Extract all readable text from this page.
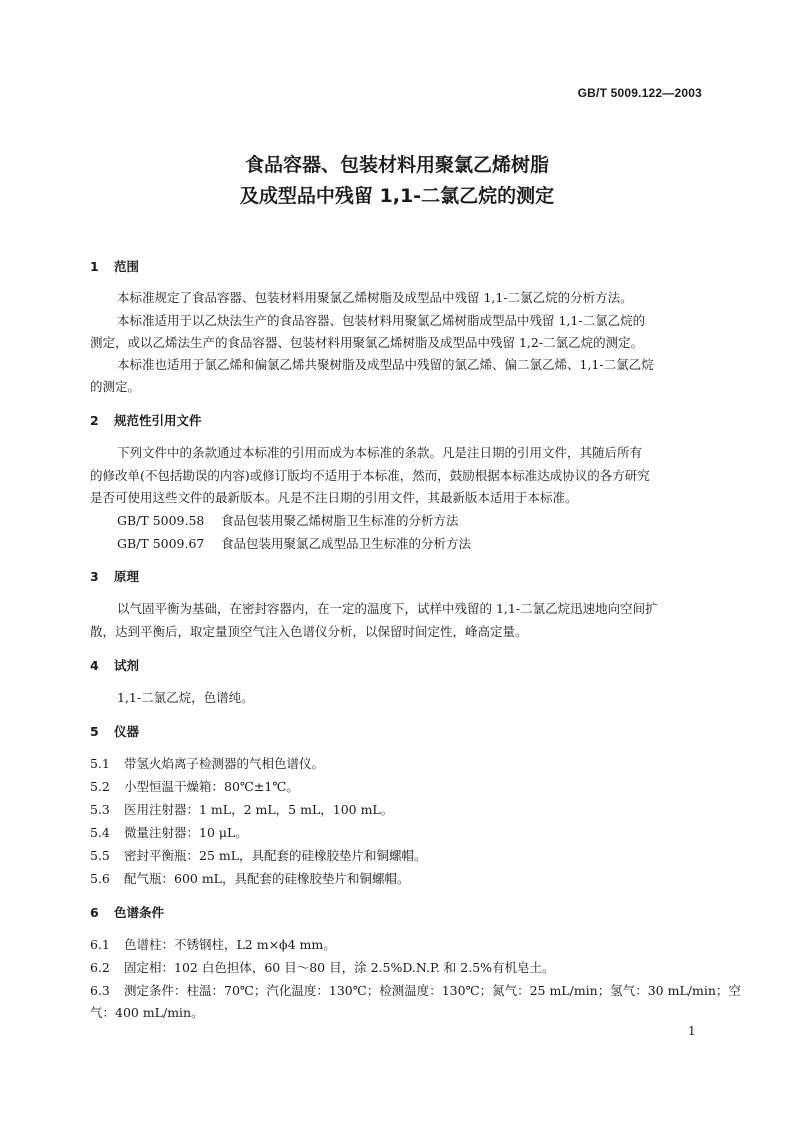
GB/T 5009.122—2003
食品容器、包装材料用聚氯乙烯树脂
及成型品中残留 1,1-二氯乙烷的测定
1 范围
本标准规定了食品容器、包装材料用聚氯乙烯树脂及成型品中残留 1,1-二氯乙烷的分析方法。
本标准适用于以乙炔法生产的食品容器、包装材料用聚氯乙烯树脂成型品中残留 1,1-二氯乙烷的
测定，或以乙烯法生产的食品容器、包装材料用聚氯乙烯树脂及成型品中残留 1,2-二氯乙烷的测定。
本标准也适用于氯乙烯和偏氯乙烯共聚树脂及成型品中残留的氯乙烯、偏二氯乙烯、1,1-二氯乙烷
的测定。
2 规范性引用文件
下列文件中的条款通过本标准的引用而成为本标准的条款。凡是注日期的引用文件，其随后所有
的修改单(不包括勘误的内容)或修订版均不适用于本标准，然而，鼓励根据本标准达成协议的各方研究
是否可使用这些文件的最新版本。凡是不注日期的引用文件，其最新版本适用于本标准。
GB/T 5009.58 食品包装用聚乙烯树脂卫生标准的分析方法
GB/T 5009.67 食品包装用聚氯乙成型品卫生标准的分析方法
3 原理
以气固平衡为基础，在密封容器内，在一定的温度下，试样中残留的 1,1-二氯乙烷迅速地向空间扩
散，达到平衡后，取定量顶空气注入色谱仪分析，以保留时间定性，峰高定量。
4 试剂
1,1-二氯乙烷，色谱纯。
5 仪器
5.1 带氢火焰离子检测器的气相色谱仪。
5.2 小型恒温干燥箱：80℃±1℃。
5.3 医用注射器：1 mL，2 mL，5 mL，100 mL。
5.4 微量注射器：10 μL。
5.5 密封平衡瓶：25 mL，具配套的硅橡胶垫片和铜螺帽。
5.6 配气瓶：600 mL，具配套的硅橡胶垫片和铜螺帽。
6 色谱条件
6.1 色谱柱：不锈钢柱，L2 m×ϕ4 mm。
6.2 固定相：102 白色担体，60 目～80 目，涂 2.5%D.N.P. 和 2.5%有机皂土。
6.3 测定条件：柱温：70℃；汽化温度：130℃；检测温度：130℃；氮气：25 mL/min；氢气：30 mL/min；空
气：400 mL/min。
1
